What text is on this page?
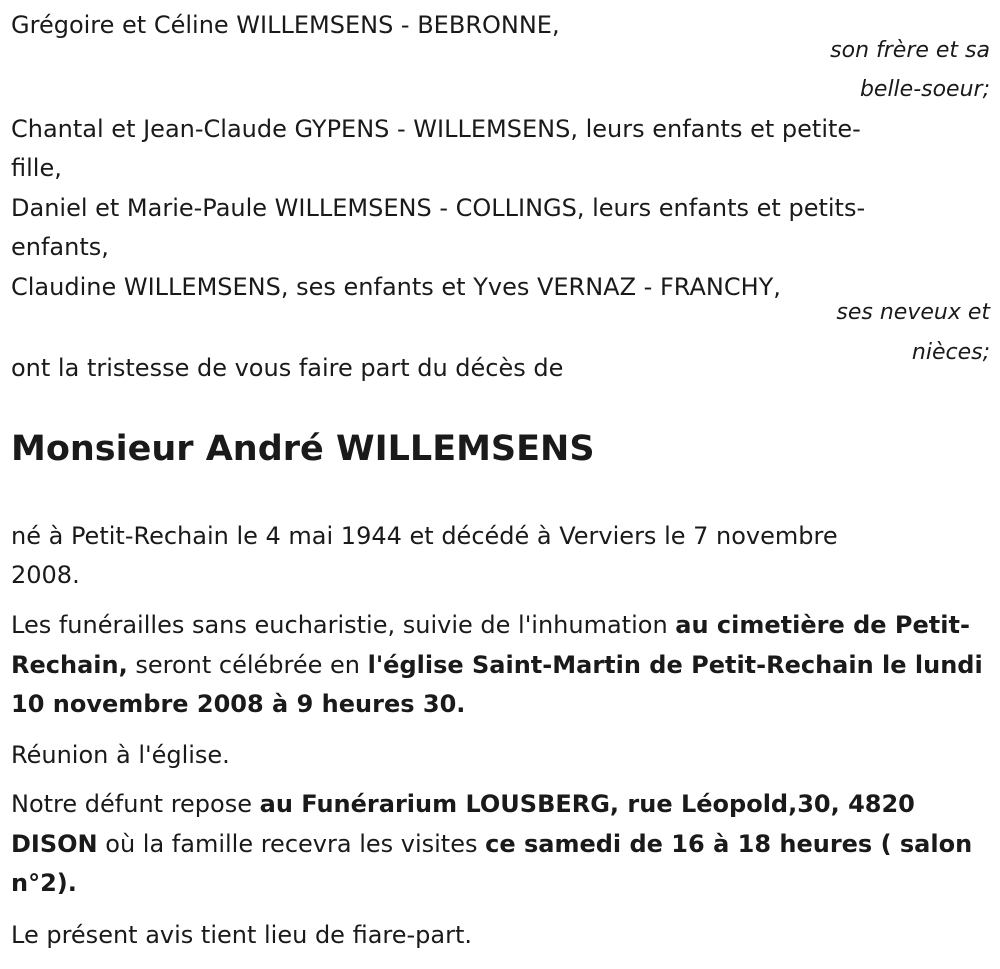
Grégoire et Céline WILLEMSENS - BEBRONNE,
son frère et sa
belle-soeur;
Chantal et Jean-Claude GYPENS - WILLEMSENS, leurs enfants et petite-
fille,
Daniel et Marie-Paule WILLEMSENS - COLLINGS, leurs enfants et petits-
enfants,
Claudine WILLEMSENS, ses enfants et Yves VERNAZ - FRANCHY,
ses neveux et
nièces;
ont la tristesse de vous faire part du décès de
Monsieur André WILLEMSENS
né à Petit-Rechain le 4 mai 1944 et décédé à Verviers le 7 novembre
2008.
Les funérailles sans eucharistie, suivie de l'inhumation au cimetière de Petit-Rechain, seront célébrée en l'église Saint-Martin de Petit-Rechain le lundi 10 novembre 2008 à 9 heures 30.
Réunion à l'église.
Notre défunt repose au Funérarium LOUSBERG, rue Léopold,30, 4820 DISON où la famille recevra les visites ce samedi de 16 à 18 heures ( salon n°2).
Le présent avis tient lieu de fiare-part.
